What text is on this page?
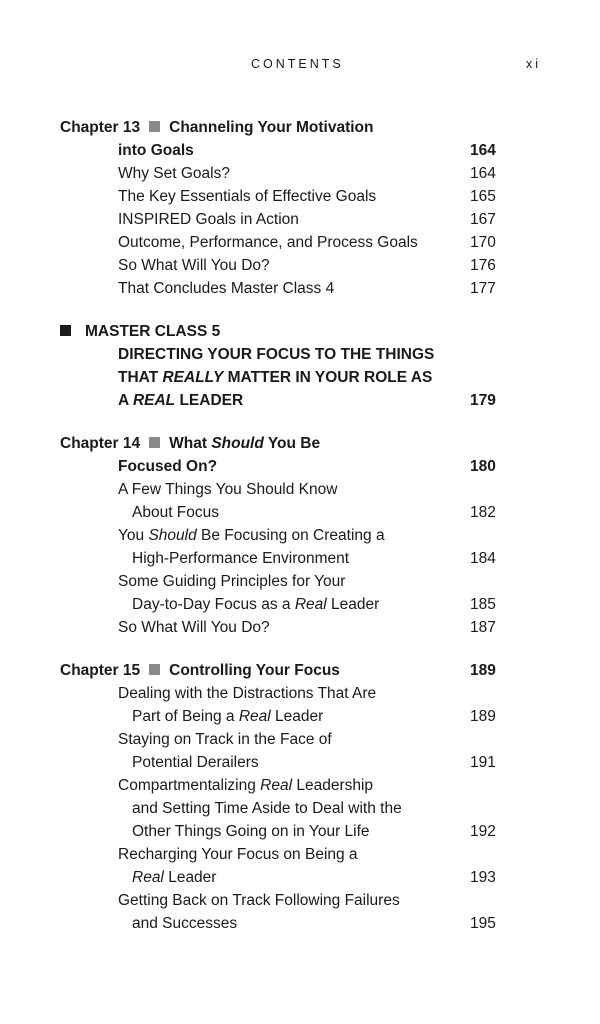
CONTENTS	xi
Chapter 13 Channeling Your Motivation
into Goals	164
Why Set Goals?	164
The Key Essentials of Effective Goals	165
INSPIRED Goals in Action	167
Outcome, Performance, and Process Goals	170
So What Will You Do?	176
That Concludes Master Class 4	177
MASTER CLASS 5
DIRECTING YOUR FOCUS TO THE THINGS
THAT REALLY MATTER IN YOUR ROLE AS
A REAL LEADER	179
Chapter 14 What Should You Be
Focused On?	180
A Few Things You Should Know
About Focus	182
You Should Be Focusing on Creating a
High-Performance Environment	184
Some Guiding Principles for Your
Day-to-Day Focus as a Real Leader	185
So What Will You Do?	187
Chapter 15 Controlling Your Focus	189
Dealing with the Distractions That Are
Part of Being a Real Leader	189
Staying on Track in the Face of
Potential Derailers	191
Compartmentalizing Real Leadership
and Setting Time Aside to Deal with the
Other Things Going on in Your Life	192
Recharging Your Focus on Being a
Real Leader	193
Getting Back on Track Following Failures
and Successes	195
